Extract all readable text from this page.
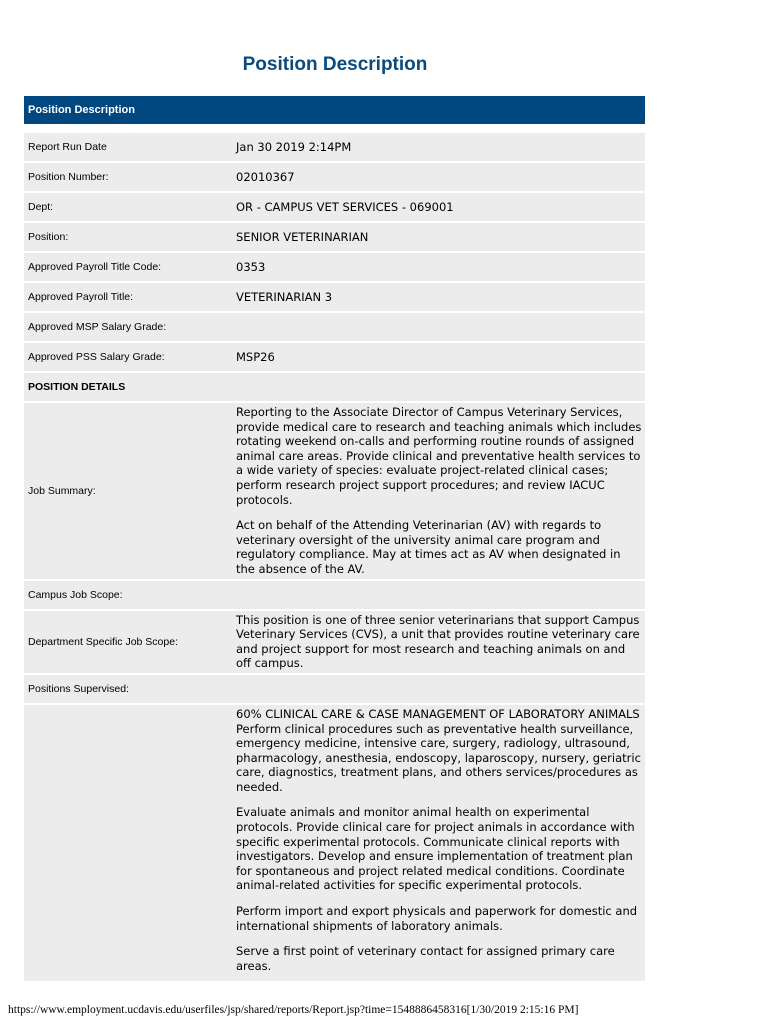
Position Description
Position Description
Report Run Date	Jan 30 2019 2:14PM
Position Number:	02010367
Dept:	OR - CAMPUS VET SERVICES - 069001
Position:	SENIOR VETERINARIAN
Approved Payroll Title Code:	0353
Approved Payroll Title:	VETERINARIAN 3
Approved MSP Salary Grade:	
Approved PSS Salary Grade:	MSP26
POSITION DETAILS	
Job Summary:	Reporting to the Associate Director of Campus Veterinary Services, provide medical care to research and teaching animals which includes rotating weekend on-calls and performing routine rounds of assigned animal care areas. Provide clinical and preventative health services to a wide variety of species: evaluate project-related clinical cases; perform research project support procedures; and review IACUC protocols.
Act on behalf of the Attending Veterinarian (AV) with regards to veterinary oversight of the university animal care program and regulatory compliance. May at times act as AV when designated in the absence of the AV.

Campus Job Scope:	
Department Specific Job Scope:	This position is one of three senior veterinarians that support Campus Veterinary Services (CVS), a unit that provides routine veterinary care and project support for most research and teaching animals on and off campus.
Positions Supervised:	

	60% CLINICAL CARE & CASE MANAGEMENT OF LABORATORY ANIMALS
Perform clinical procedures such as preventative health surveillance, emergency medicine, intensive care, surgery, radiology, ultrasound, pharmacology, anesthesia, endoscopy, laparoscopy, nursery, geriatric care, diagnostics, treatment plans, and others services/procedures as needed.
Evaluate animals and monitor animal health on experimental protocols. Provide clinical care for project animals in accordance with specific experimental protocols. Communicate clinical reports with investigators. Develop and ensure implementation of treatment plan for spontaneous and project related medical conditions. Coordinate animal-related activities for specific experimental protocols.
Perform import and export physicals and paperwork for domestic and international shipments of laboratory animals.
Serve a first point of veterinary contact for assigned primary care areas.
https://www.employment.ucdavis.edu/userfiles/jsp/shared/reports/Report.jsp?time=1548886458316[1/30/2019 2:15:16 PM]
